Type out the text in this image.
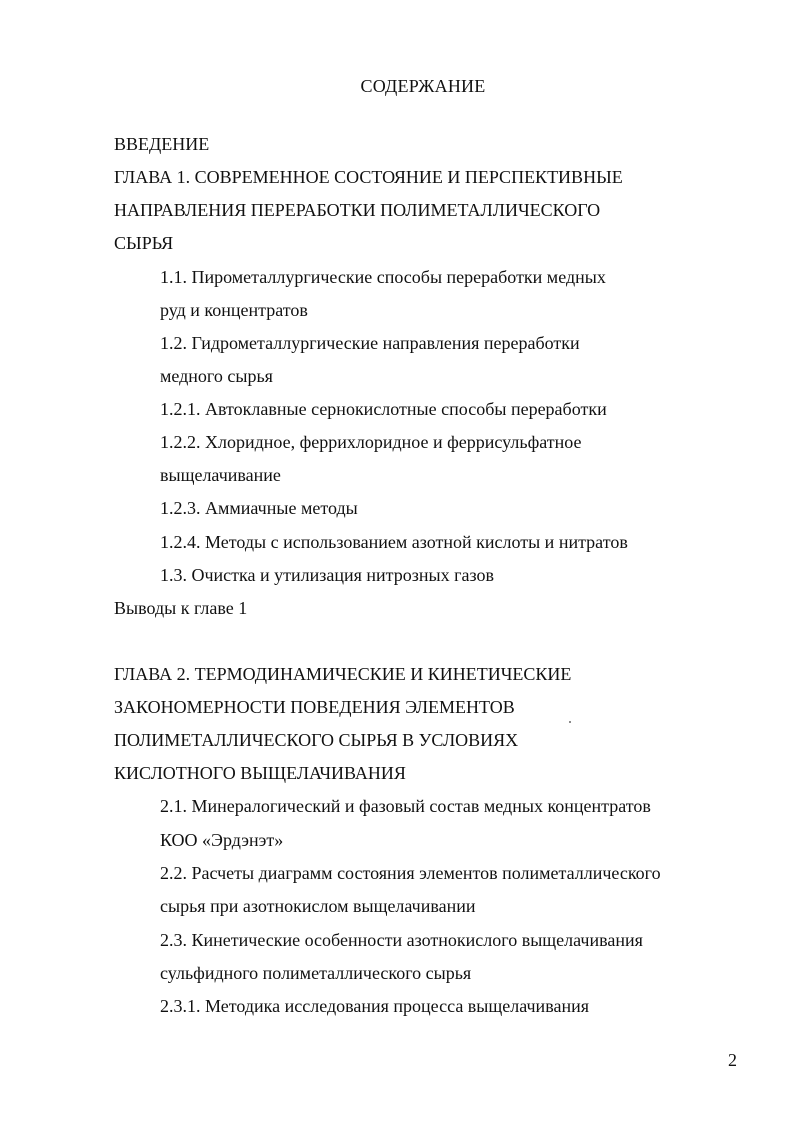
СОДЕРЖАНИЕ
ВВЕДЕНИЕ
ГЛАВА 1. СОВРЕМЕННОЕ СОСТОЯНИЕ И ПЕРСПЕКТИВНЫЕ
НАПРАВЛЕНИЯ ПЕРЕРАБОТКИ ПОЛИМЕТАЛЛИЧЕСКОГО
СЫРЬЯ
1.1. Пирометаллургические способы переработки медных
руд и концентратов
1.2. Гидрометаллургические направления переработки
медного сырья
1.2.1. Автоклавные сернокислотные способы переработки
1.2.2. Хлоридное, феррихлоридное и феррисульфатное
выщелачивание
1.2.3. Аммиачные методы
1.2.4. Методы с использованием азотной кислоты и нитратов
1.3. Очистка и утилизация нитрозных газов
Выводы к главе 1
ГЛАВА 2. ТЕРМОДИНАМИЧЕСКИЕ И КИНЕТИЧЕСКИЕ
ЗАКОНОМЕРНОСТИ ПОВЕДЕНИЯ ЭЛЕМЕНТОВ
ПОЛИМЕТАЛЛИЧЕСКОГО СЫРЬЯ В УСЛОВИЯХ
КИСЛОТНОГО ВЫЩЕЛАЧИВАНИЯ
2.1. Минералогический и фазовый состав медных концентратов
КОО «Эрдэнэт»
2.2. Расчеты диаграмм состояния элементов полиметаллического
сырья при азотнокислом выщелачивании
2.3. Кинетические особенности азотнокислого выщелачивания
сульфидного полиметаллического сырья
2.3.1. Методика исследования процесса выщелачивания
2
